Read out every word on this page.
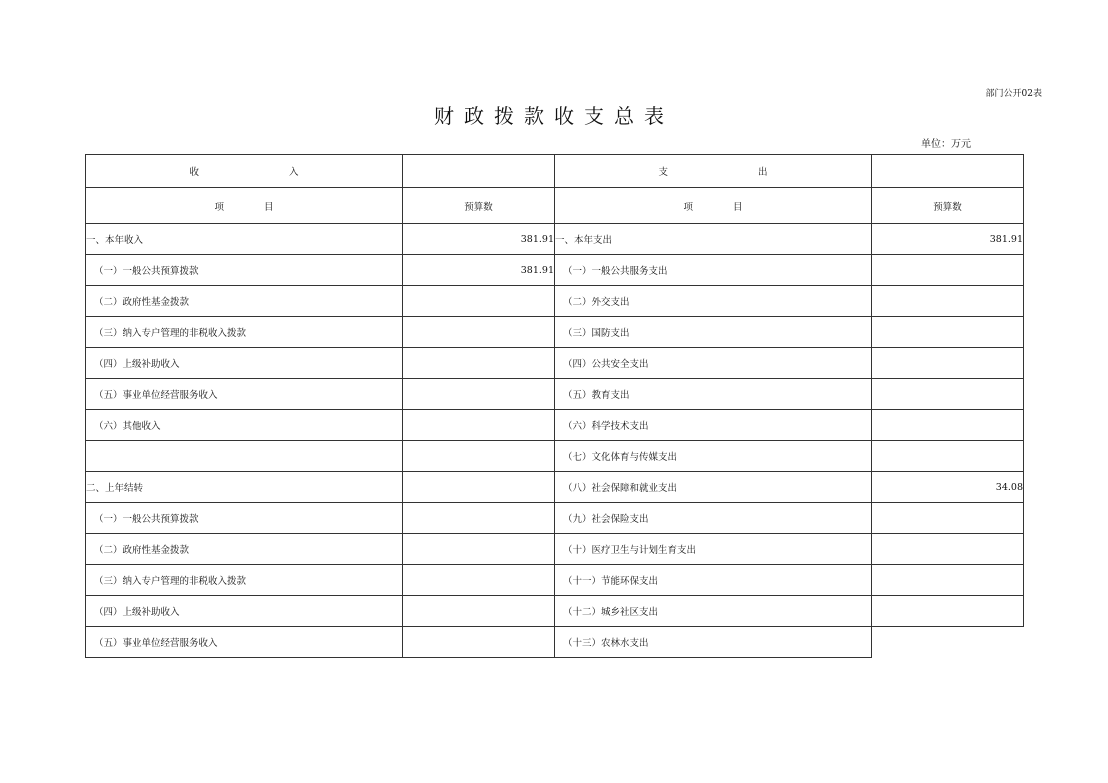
部门公开02表
财政拨款收支总表
单位：万元
收 入		支 出	
项 目	预算数	项 目	预算数
一、本年收入	381.91	一、本年支出	381.91
（一）一般公共预算拨款	381.91	（一）一般公共服务支出	
（二）政府性基金拨款		（二）外交支出	
（三）纳入专户管理的非税收入拨款		（三）国防支出	
（四）上级补助收入		（四）公共安全支出	
（五）事业单位经营服务收入		（五）教育支出	
（六）其他收入		（六）科学技术支出	
		（七）文化体育与传媒支出	
二、上年结转		（八）社会保障和就业支出	34.08
（一）一般公共预算拨款		（九）社会保险支出	
（二）政府性基金拨款		（十）医疗卫生与计划生育支出	
（三）纳入专户管理的非税收入拨款		（十一）节能环保支出	
（四）上级补助收入		（十二）城乡社区支出	
（五）事业单位经营服务收入		（十三）农林水支出	
